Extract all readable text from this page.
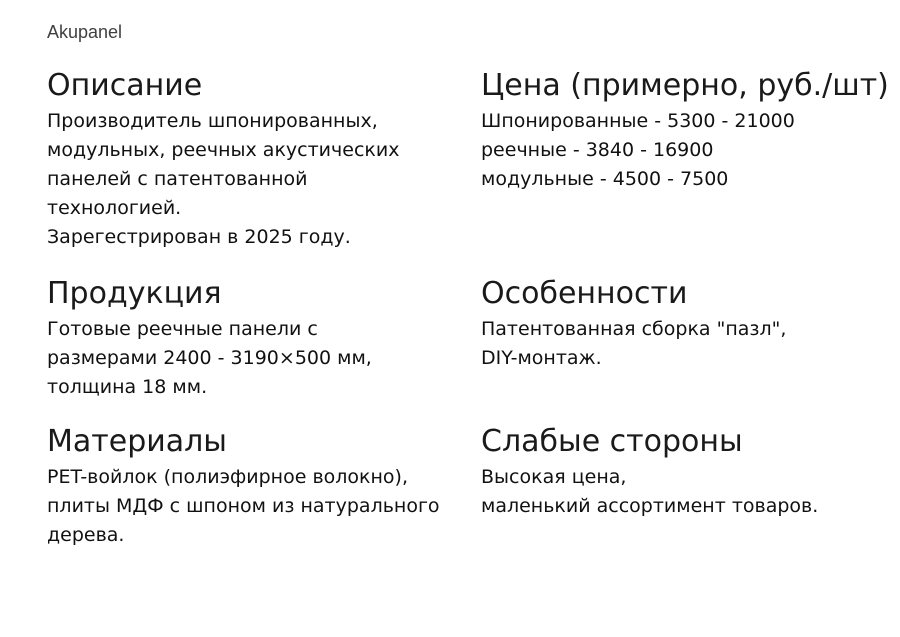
Akupanel
Описание
Производитель шпонированных,
модульных, реечных акустических
панелей с патентованной
технологией.
Зарегестрирован в 2025 году.
Цена (примерно, руб./шт)
Шпонированные - 5300 - 21000
реечные - 3840 - 16900
модульные - 4500 - 7500
Продукция
Готовые реечные панели с
размерами 2400 - 3190×500 мм,
толщина 18 мм.
Особенности
Патентованная сборка "пазл",
DIY-монтаж.
Материалы
PET-войлок (полиэфирное волокно),
плиты МДФ с шпоном из натурального
дерева.
Слабые стороны
Высокая цена,
маленький ассортимент товаров.
